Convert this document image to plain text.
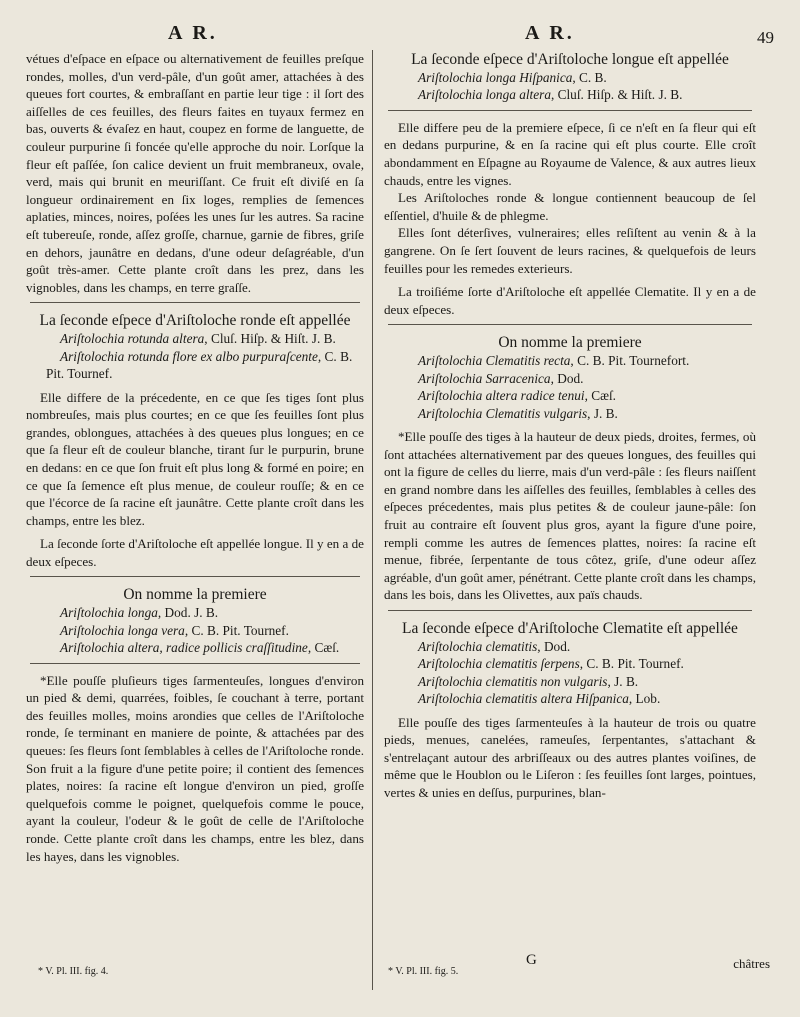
A R.	A R.	49

vétues d'eſpace en eſpace ou alternativement de feuilles preſque rondes, molles, d'un verd-pâle, d'un goût amer, attachées à des queues fort courtes, & embraſſant en partie leur tige : il ſort des aiſſelles de ces feuilles, des fleurs faites en tuyaux fermez en bas, ouverts & évaſez en haut, coupez en forme de languette, de couleur purpurine ſi foncée qu'elle approche du noir. Lorſque la fleur eſt paſſée, ſon calice devient un fruit membraneux, ovale, verd, mais qui brunit en meuriſſant. Ce fruit eſt diviſé en ſa longueur ordinairement en ſix loges, remplies de ſemences aplaties, minces, noires, poſées les unes ſur les autres. Sa racine eſt tubereuſe, ronde, aſſez groſſe, charnue, garnie de fibres, griſe en dehors, jaunâtre en dedans, d'une odeur deſagréable, d'un goût très-amer. Cette plante croît dans les prez, dans les vignobles, dans les champs, en terre graſſe.

La ſeconde eſpece d'Ariſtoloche ronde eſt appellée

Ariſtolochia rotunda altera, Cluſ. Hiſp. & Hiſt. J. B.

Ariſtolochia rotunda flore ex albo purpuraſcente, C. B. Pit. Tournef.

Elle differe de la précedente, en ce que ſes tiges ſont plus nombreuſes, mais plus courtes; en ce que ſes feuilles ſont plus grandes, oblongues, attachées à des queues plus longues; en ce que ſa fleur eſt de couleur blanche, tirant ſur le purpurin, brune en dedans: en ce que ſon fruit eſt plus long & formé en poire; en ce que ſa ſemence eſt plus menue, de couleur rouſſe; & en ce que l'écorce de ſa racine eſt jaunâtre. Cette plante croît dans les champs, entre les blez.

La ſeconde ſorte d'Ariſtoloche eſt appellée longue. Il y en a de deux eſpeces.

On nomme la premiere

Ariſtolochia longa, Dod. J. B.

Ariſtolochia longa vera, C. B. Pit. Tournef.

Ariſtolochia altera, radice pollicis craſſitudine, Cæſ.

*Elle pouſſe pluſieurs tiges ſarmenteuſes, longues d'environ un pied & demi, quarrées, foibles, ſe couchant à terre, portant des feuilles molles, moins arondies que celles de l'Ariſtoloche ronde, ſe terminant en maniere de pointe, & attachées par des queues: ſes fleurs ſont ſemblables à celles de l'Ariſtoloche ronde. Son fruit a la figure d'une petite poire; il contient des ſemences plates, noires: ſa racine eſt longue d'environ un pied, groſſe quelquefois comme le poignet, quelquefois comme le pouce, ayant la couleur, l'odeur & le goût de celle de l'Ariſtoloche ronde. Cette plante croît dans les champs, entre les blez, dans les hayes, dans les vignobles.

La ſeconde eſpece d'Ariſtoloche longue eſt appellée

Ariſtolochia longa Hiſpanica, C. B.

Ariſtolochia longa altera, Cluſ. Hiſp. & Hiſt. J. B.

Elle differe peu de la premiere eſpece, ſi ce n'eſt en ſa fleur qui eſt en dedans purpurine, & en ſa racine qui eſt plus courte. Elle croît abondamment en Eſpagne au Royaume de Valence, & aux autres lieux chauds, entre les vignes.

Les Ariſtoloches ronde & longue contiennent beaucoup de ſel eſſentiel, d'huile & de phlegme.

Elles ſont déterſives, vulneraires; elles reſiſtent au venin & à la gangrene. On ſe ſert ſouvent de leurs racines, & quelquefois de leurs feuilles pour les remedes exterieurs.

La troiſiéme ſorte d'Ariſtoloche eſt appellée Clematite. Il y en a de deux eſpeces.

On nomme la premiere

Ariſtolochia Clematitis recta, C. B. Pit. Tournefort.

Ariſtolochia Sarracenica, Dod.

Ariſtolochia altera radice tenui, Cæſ.

Ariſtolochia Clematitis vulgaris, J. B.

*Elle pouſſe des tiges à la hauteur de deux pieds, droites, fermes, où ſont attachées alternativement par des queues longues, des feuilles qui ont la figure de celles du lierre, mais d'un verd-pâle : ſes fleurs naiſſent en grand nombre dans les aiſſelles des feuilles, ſemblables à celles des eſpeces précedentes, mais plus petites & de couleur jaune-pâle: ſon fruit au contraire eſt ſouvent plus gros, ayant la figure d'une poire, rempli comme les autres de ſemences plattes, noires: ſa racine eſt menue, fibrée, ſerpentante de tous côtez, griſe, d'une odeur aſſez agréable, d'un goût amer, pénétrant. Cette plante croît dans les champs, dans les bois, dans les Olivettes, aux païs chauds.

La ſeconde eſpece d'Ariſtoloche Clematite eſt appellée

Ariſtolochia clematitis, Dod.

Ariſtolochia clematitis ſerpens, C. B. Pit. Tournef.

Ariſtolochia clematitis non vulgaris, J. B.

Ariſtolochia clematitis altera Hiſpanica, Lob.

Elle pouſſe des tiges ſarmenteuſes à la hauteur de trois ou quatre pieds, menues, canelées, rameuſes, ſerpentantes, s'attachant & s'entrelaçant autour des arbriſſeaux ou des autres plantes voiſines, de même que le Houblon ou le Liſeron : ſes feuilles ſont larges, pointues, vertes & unies en deſſus, purpurines, blan-

G	châtres
* V. Pl. III. fig. 4.	* V. Pl. III. fig. 5.
